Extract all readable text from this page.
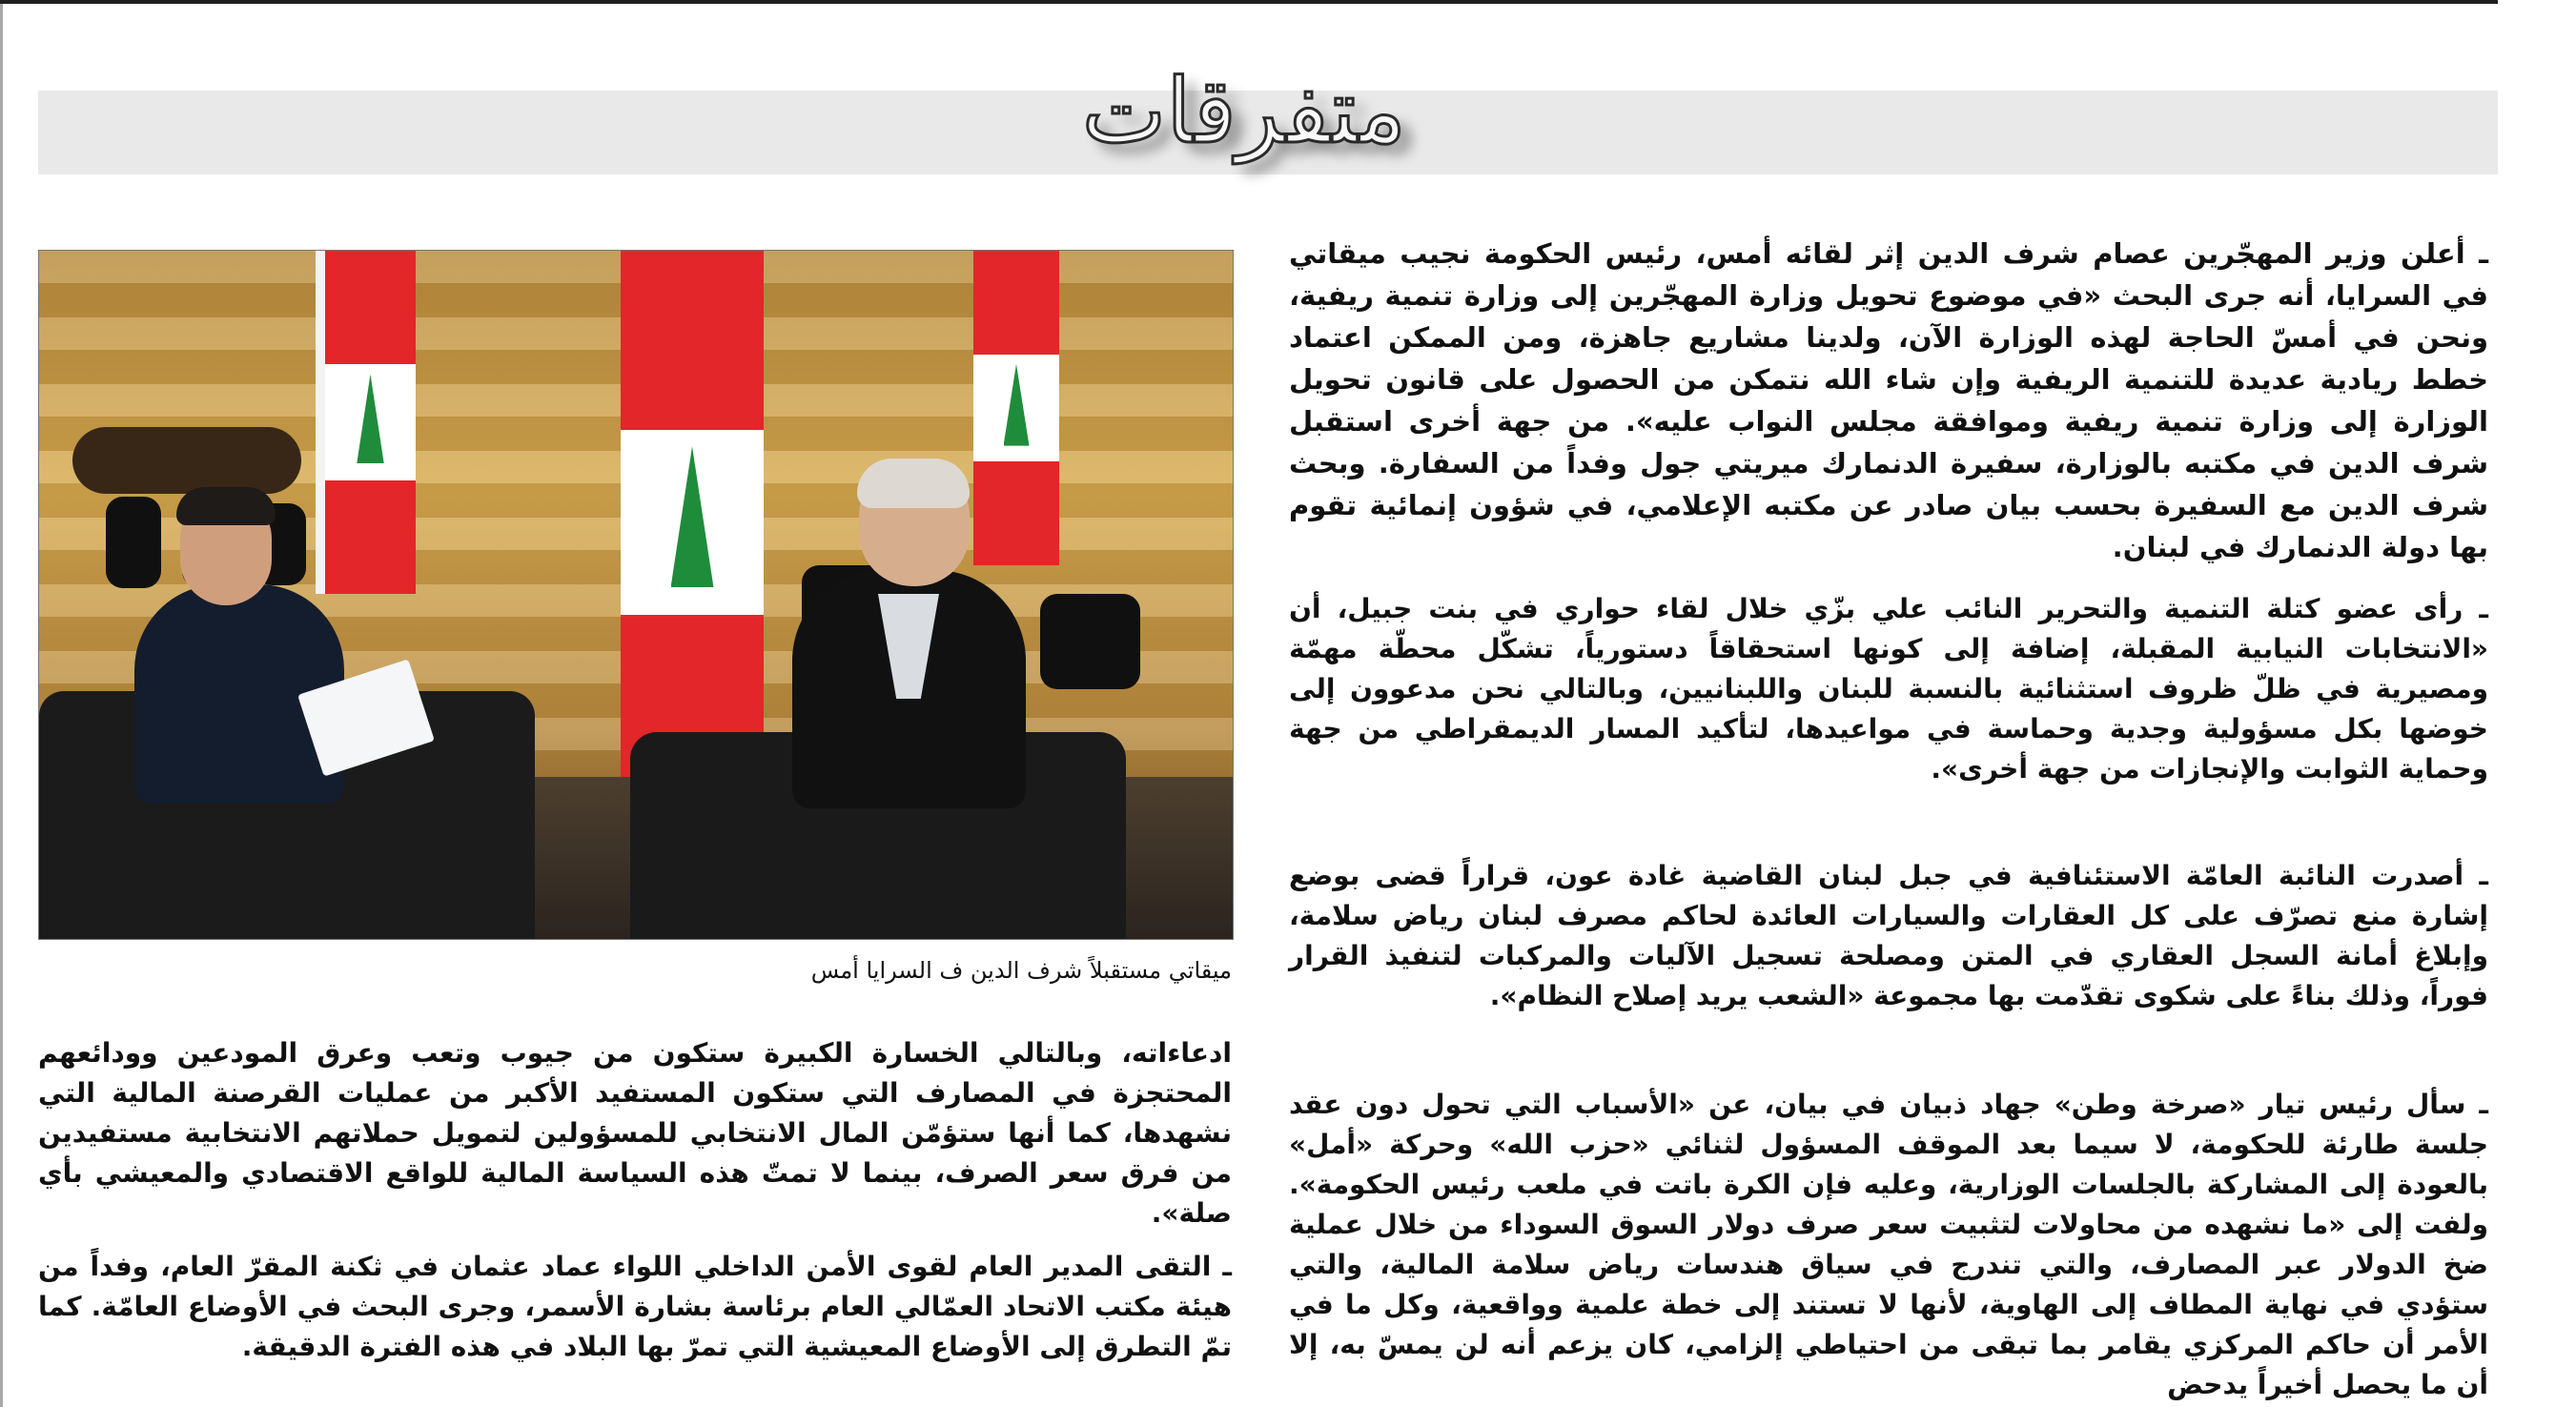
متفرقات
ميقاتي مستقبلاً شرف الدين ف السرايا أمس
ـ أعلن وزير المهجّرين عصام شرف الدين إثر لقائه أمس، رئيس الحكومة نجيب ميقاتي في السرايا، أنه جرى البحث «في موضوع تحويل وزارة المهجّرين إلى وزارة تنمية ريفية، ونحن في أمسّ الحاجة لهذه الوزارة الآن، ولدينا مشاريع جاهزة، ومن الممكن اعتماد خطط ريادية عديدة للتنمية الريفية وإن شاء الله نتمكن من الحصول على قانون تحويل الوزارة إلى وزارة تنمية ريفية وموافقة مجلس النواب عليه». من جهة أخرى استقبل شرف الدين في مكتبه بالوزارة، سفيرة الدنمارك ميريتي جول وفداً من السفارة. وبحث شرف الدين مع السفيرة بحسب بيان صادر عن مكتبه الإعلامي، في شؤون إنمائية تقوم بها دولة الدنمارك في لبنان.
ـ رأى عضو كتلة التنمية والتحرير النائب علي بزّي خلال لقاء حواري في بنت جبيل، أن «الانتخابات النيابية المقبلة، إضافة إلى كونها استحقاقاً دستورياً، تشكّل محطّة مهمّة ومصيرية في ظلّ ظروف استثنائية بالنسبة للبنان واللبنانيين، وبالتالي نحن مدعوون إلى خوضها بكل مسؤولية وجدية وحماسة في مواعيدها، لتأكيد المسار الديمقراطي من جهة وحماية الثوابت والإنجازات من جهة أخرى».
ـ أصدرت النائبة العامّة الاستئنافية في جبل لبنان القاضية غادة عون، قراراً قضى بوضع إشارة منع تصرّف على كل العقارات والسيارات العائدة لحاكم مصرف لبنان رياض سلامة، وإبلاغ أمانة السجل العقاري في المتن ومصلحة تسجيل الآليات والمركبات لتنفيذ القرار فوراً، وذلك بناءً على شكوى تقدّمت بها مجموعة «الشعب يريد إصلاح النظام».
ـ سأل رئيس تيار «صرخة وطن» جهاد ذبيان في بيان، عن «الأسباب التي تحول دون عقد جلسة طارئة للحكومة، لا سيما بعد الموقف المسؤول لثنائي «حزب الله» وحركة «أمل» بالعودة إلى المشاركة بالجلسات الوزارية، وعليه فإن الكرة باتت في ملعب رئيس الحكومة». ولفت إلى «ما نشهده من محاولات لتثبيت سعر صرف دولار السوق السوداء من خلال عملية ضخ الدولار عبر المصارف، والتي تندرج في سياق هندسات رياض سلامة المالية، والتي ستؤدي في نهاية المطاف إلى الهاوية، لأنها لا تستند إلى خطة علمية وواقعية، وكل ما في الأمر أن حاكم المركزي يقامر بما تبقى من احتياطي إلزامي، كان يزعم أنه لن يمسّ به، إلا أن ما يحصل أخيراً يدحض
ادعاءاته، وبالتالي الخسارة الكبيرة ستكون من جيوب وتعب وعرق المودعين وودائعهم المحتجزة في المصارف التي ستكون المستفيد الأكبر من عمليات القرصنة المالية التي نشهدها، كما أنها ستؤمّن المال الانتخابي للمسؤولين لتمويل حملاتهم الانتخابية مستفيدين من فرق سعر الصرف، بينما لا تمتّ هذه السياسة المالية للواقع الاقتصادي والمعيشي بأي صلة».
ـ التقى المدير العام لقوى الأمن الداخلي اللواء عماد عثمان في ثكنة المقرّ العام، وفداً من هيئة مكتب الاتحاد العمّالي العام برئاسة بشارة الأسمر، وجرى البحث في الأوضاع العامّة. كما تمّ التطرق إلى الأوضاع المعيشية التي تمرّ بها البلاد في هذه الفترة الدقيقة.
